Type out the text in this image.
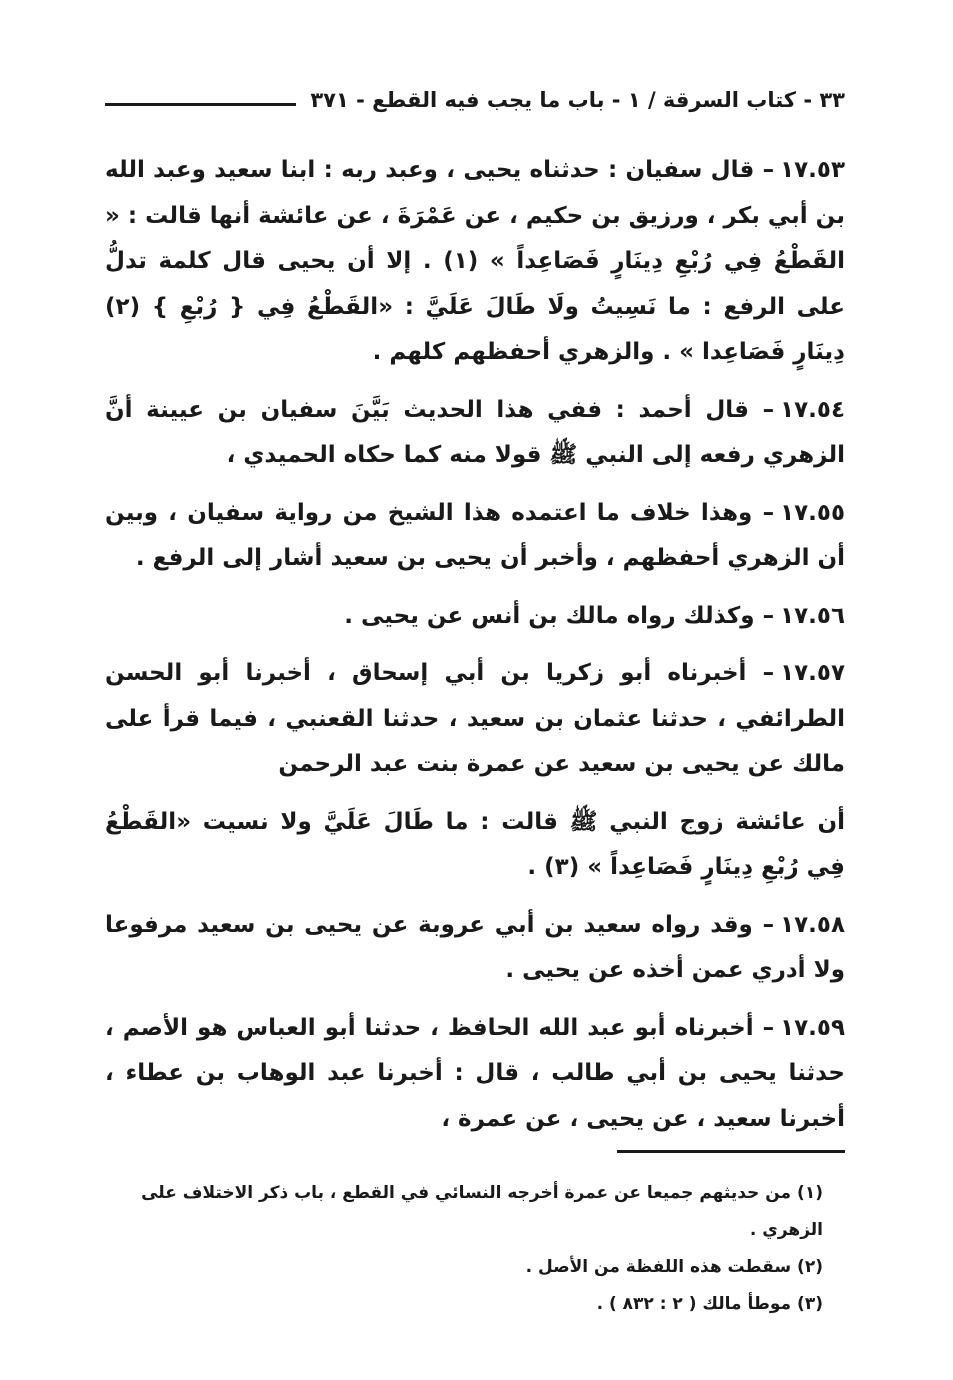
٣٣ - كتاب السرقة / ١ - باب ما يجب فيه القطع - ٣٧١

١٧.٥٣– قال سفيان : حدثناه يحيى ، وعبد ربه : ابنا سعيد وعبد الله بن أبي بكر ، ورزيق بن حكيم ، عن عَمْرَةَ ، عن عائشة أنها قالت : « القَطْعُ فِي رُبْعِ دِينَارٍ فَصَاعِداً » (١) . إلا أن يحيى قال كلمة تدلُّ على الرفع : ما نَسِيتُ ولَا طَالَ عَلَيَّ : «القَطْعُ فِي { رُبْعِ } (٢) دِينَارٍ فَصَاعِدا » . والزهري أحفظهم كلهم .

١٧.٥٤– قال أحمد : ففي هذا الحديث بَيَّنَ سفيان بن عيينة أنَّ الزهري رفعه إلى النبي ﷺ قولا منه كما حكاه الحميدي ،

١٧.٥٥– وهذا خلاف ما اعتمده هذا الشيخ من رواية سفيان ، وبين أن الزهري أحفظهم ، وأخبر أن يحيى بن سعيد أشار إلى الرفع .

١٧.٥٦– وكذلك رواه مالك بن أنس عن يحيى .

١٧.٥٧– أخبرناه أبو زكريا بن أبي إسحاق ، أخبرنا أبو الحسن الطرائفي ، حدثنا عثمان بن سعيد ، حدثنا القعنبي ، فيما قرأ على مالك عن يحيى بن سعيد عن عمرة بنت عبد الرحمن

أن عائشة زوج النبي ﷺ قالت : ما طَالَ عَلَيَّ ولا نسيت «القَطْعُ فِي رُبْعِ دِينَارٍ فَصَاعِداً » (٣) .

١٧.٥٨– وقد رواه سعيد بن أبي عروبة عن يحيى بن سعيد مرفوعا ولا أدري عمن أخذه عن يحيى .

١٧.٥٩– أخبرناه أبو عبد الله الحافظ ، حدثنا أبو العباس هو الأصم ، حدثنا يحيى بن أبي طالب ، قال : أخبرنا عبد الوهاب بن عطاء ، أخبرنا سعيد ، عن يحيى ، عن عمرة ،

(١)من حديثهم جميعا عن عمرة أخرجه النسائي في القطع ، باب ذكر الاختلاف على الزهري .

(٢)سقطت هذه اللفظة من الأصل .

(٣)موطأ مالك ( ٢ : ٨٣٢ ) .
